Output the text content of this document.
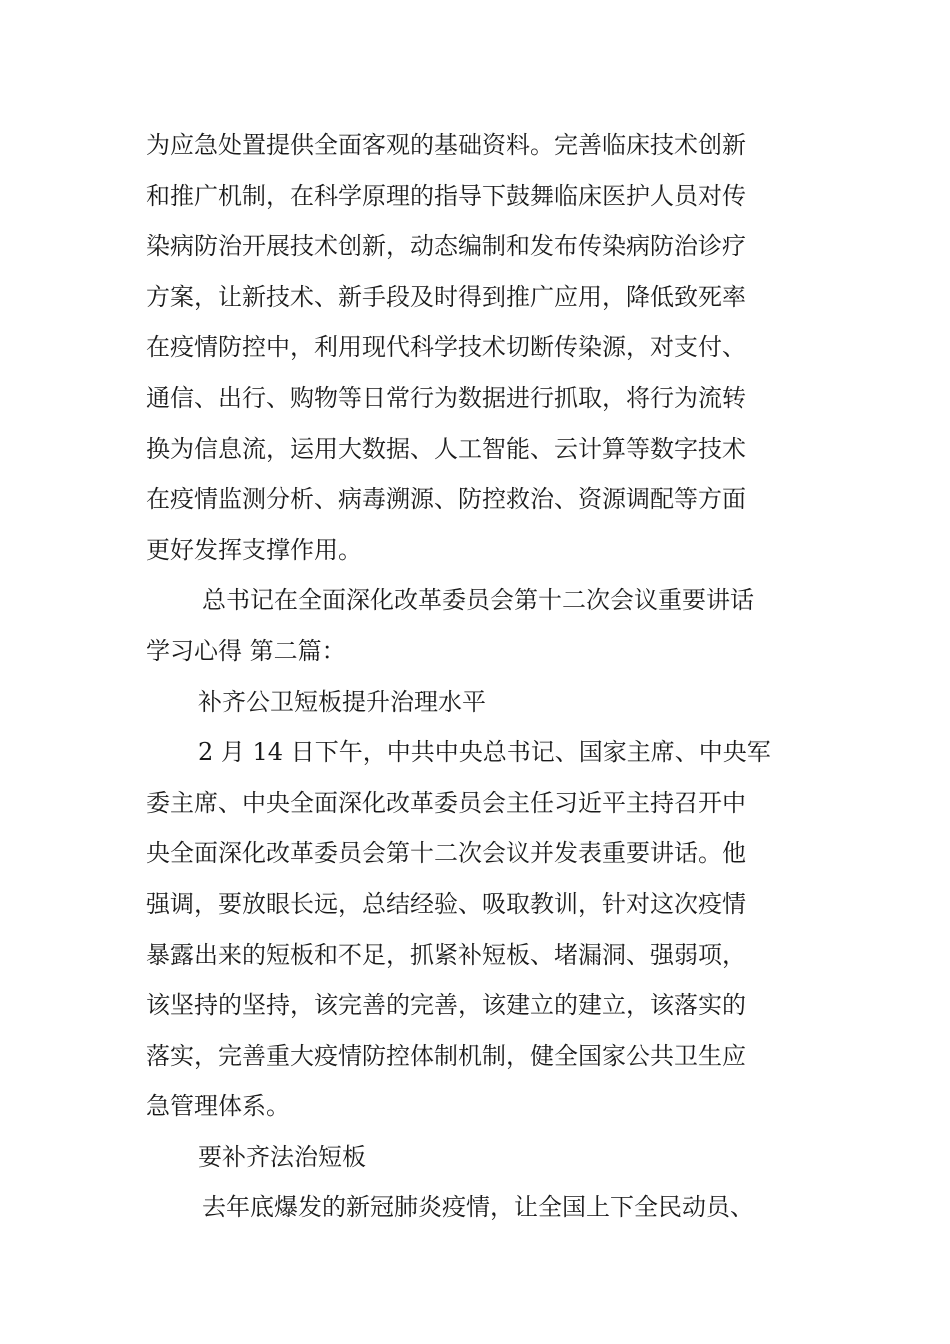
为应急处置提供全面客观的基础资料。完善临床技术创新
和推广机制，在科学原理的指导下鼓舞临床医护人员对传
染病防治开展技术创新，动态编制和发布传染病防治诊疗
方案，让新技术、新手段及时得到推广应用，降低致死率
在疫情防控中，利用现代科学技术切断传染源，对支付、
通信、出行、购物等日常行为数据进行抓取，将行为流转
换为信息流，运用大数据、人工智能、云计算等数字技术
在疫情监测分析、病毒溯源、防控救治、资源调配等方面
更好发挥支撑作用。
总书记在全面深化改革委员会第十二次会议重要讲话
学习心得 第二篇：
补齐公卫短板提升治理水平
2 月 14 日下午，中共中央总书记、国家主席、中央军
委主席、中央全面深化改革委员会主任习近平主持召开中
央全面深化改革委员会第十二次会议并发表重要讲话。他
强调，要放眼长远，总结经验、吸取教训，针对这次疫情
暴露出来的短板和不足，抓紧补短板、堵漏洞、强弱项，
该坚持的坚持，该完善的完善，该建立的建立，该落实的
落实，完善重大疫情防控体制机制，健全国家公共卫生应
急管理体系。
要补齐法治短板
去年底爆发的新冠肺炎疫情，让全国上下全民动员、
